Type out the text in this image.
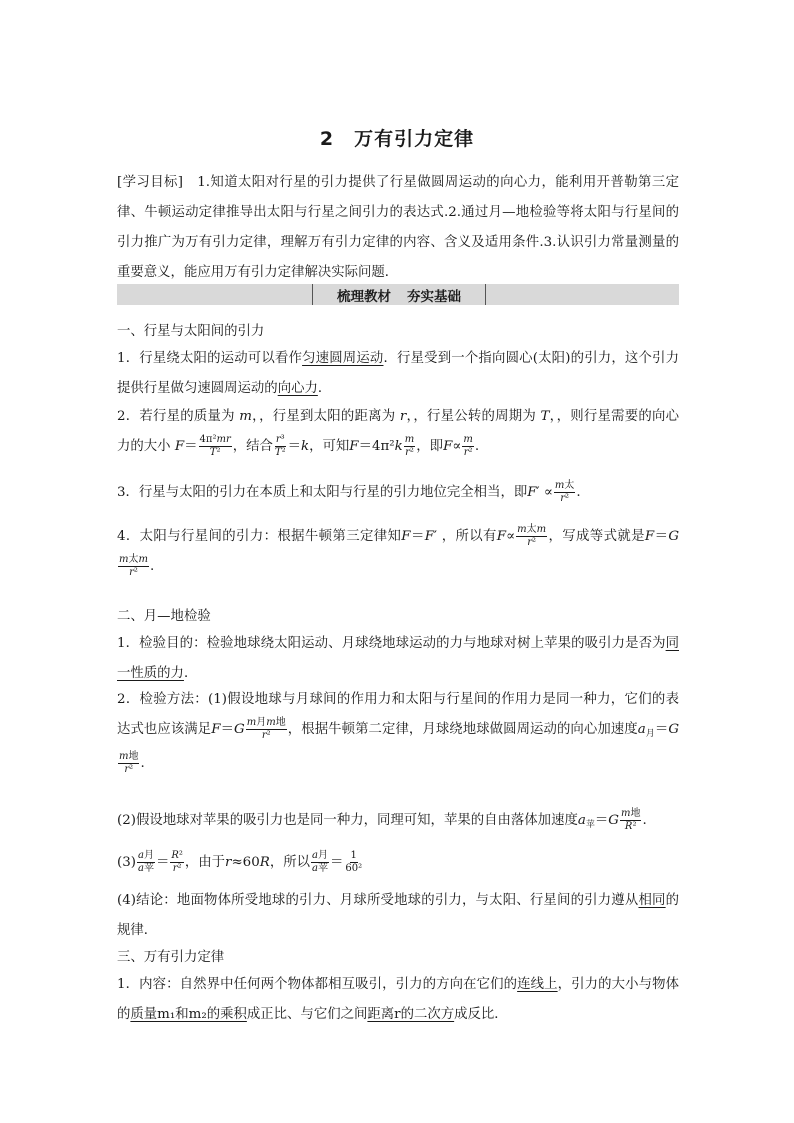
2　万有引力定律

[学习目标]　 1.知道太阳对行星的引力提供了行星做圆周运动的向心力，能利用开普勒第三定律、牛顿运动定律推导出太阳与行星之间引力的表达式.2.通过月—地检验等将太阳与行星间的引力推广为万有引力定律，理解万有引力定律的内容、含义及适用条件.3.认识引力常量测量的重要意义，能应用万有引力定律解决实际问题．

梳理教材 夯实基础
一、行星与太阳间的引力

1．行星绕太阳的运动可以看作匀速圆周运动．行星受到一个指向圆心(太阳)的引力，这个引力提供行星做匀速圆周运动的向心力．

2．若行星的质量为 m，，行星到太阳的距离为 r，，行星公转的周期为 T，，则行星需要的向心力的大小 $F= \frac{\text{4π²mr}}{\text{T²}}$ ，结合 $\frac{\text{r³}}{\text{T²}} =k$，可知$F=4\pi^2k \frac{m}{\text{r²}}$ ，即$F\propto \frac{m}{\text{r²}}$ .

3．行星与太阳的引力在本质上和太阳与行星的引力地位完全相当，即$F' \propto \frac{\text{m太}}{\text{r²}}$ .

4．太阳与行星间的引力：根据牛顿第三定律知F＝F′ ，所以有$F\propto \frac{\text{m太m}}{\text{r²}}$ ，写成等式就是F＝G
$\frac{\text{m太m}}{\text{r²}}$ .

二、月—地检验

1．检验目的：检验地球绕太阳运动、月球绕地球运动的力与地球对树上苹果的吸引力是否为同一性质的力．

2．检验方法：(1)假设地球与月球间的作用力和太阳与行星间的作用力是同一种力，它们的表达式也应该满足$F=G \frac{\text{m月m地}}{\text{r²}}$ ，根据牛顿第二定律，月球绕地球做圆周运动的向心加速度$a_月=G$
$\frac{\text{m地}}{\text{r²}}$ .

(2)假设地球对苹果的吸引力也是同一种力，同理可知，苹果的自由落体加速度$a_苹=G \frac{\text{m地}}{\text{R²}}$ .

$(3) \frac{\text{a月}}{\text{a苹}} = \frac{\text{R²}}{\text{r²}}$ ，由于r≈60R，所以 $\frac{\text{a月}}{\text{a苹}} = \frac{1}{\text{60²}}$

(4)结论：地面物体所受地球的引力、月球所受地球的引力，与太阳、行星间的引力遵从相同的规律．

三、万有引力定律

1．内容：自然界中任何两个物体都相互吸引，引力的方向在它们的连线上，引力的大小与物体的质量m₁和m₂的乘积成正比、与它们之间距离r的二次方成反比．
